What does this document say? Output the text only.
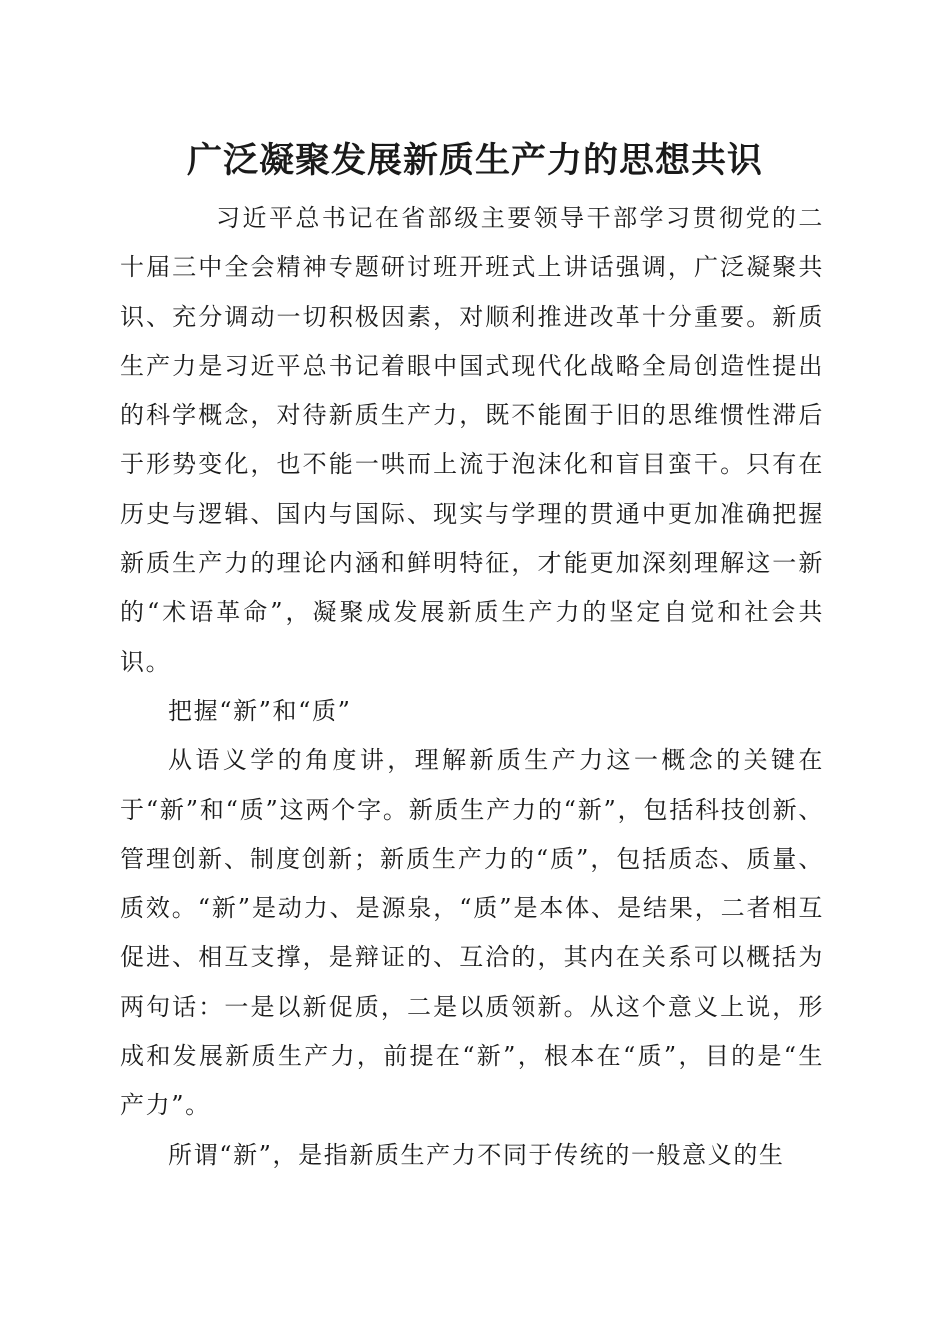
广泛凝聚发展新质生产力的思想共识

习近平总书记在省部级主要领导干部学习贯彻党的二十届三中全会精神专题研讨班开班式上讲话强调，广泛凝聚共识、充分调动一切积极因素，对顺利推进改革十分重要。新质生产力是习近平总书记着眼中国式现代化战略全局创造性提出的科学概念，对待新质生产力，既不能囿于旧的思维惯性滞后于形势变化，也不能一哄而上流于泡沫化和盲目蛮干。只有在历史与逻辑、国内与国际、现实与学理的贯通中更加准确把握新质生产力的理论内涵和鲜明特征，才能更加深刻理解这一新的“术语革命”，凝聚成发展新质生产力的坚定自觉和社会共识。

把握“新”和“质”

从语义学的角度讲，理解新质生产力这一概念的关键在于“新”和“质”这两个字。新质生产力的“新”，包括科技创新、管理创新、制度创新；新质生产力的“质”，包括质态、质量、质效。“新”是动力、是源泉，“质”是本体、是结果，二者相互促进、相互支撑，是辩证的、互洽的，其内在关系可以概括为两句话：一是以新促质，二是以质领新。从这个意义上说，形成和发展新质生产力，前提在“新”，根本在“质”，目的是“生产力”。

所谓“新”，是指新质生产力不同于传统的一般意义的生
